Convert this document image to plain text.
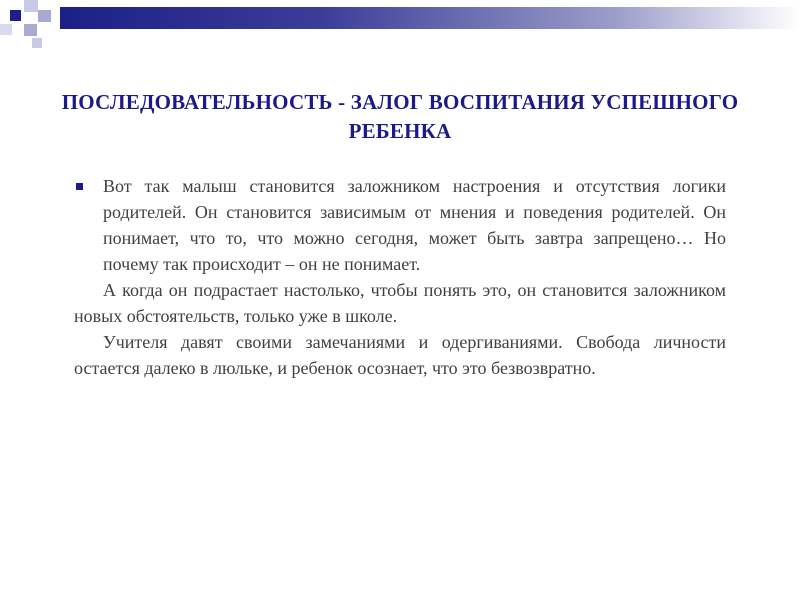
ПОСЛЕДОВАТЕЛЬНОСТЬ - ЗАЛОГ ВОСПИТАНИЯ УСПЕШНОГО РЕБЕНКА
Вот так малыш становится заложником настроения и отсутствия логики родителей. Он становится зависимым от мнения и поведения родителей. Он понимает, что то, что можно сегодня, может быть завтра запрещено… Но почему так происходит – он не понимает.
А когда он подрастает настолько, чтобы понять это, он становится заложником новых обстоятельств, только уже в школе.
Учителя давят своими замечаниями и одергиваниями. Свобода личности остается далеко в люльке, и ребенок осознает, что это безвозвратно.
